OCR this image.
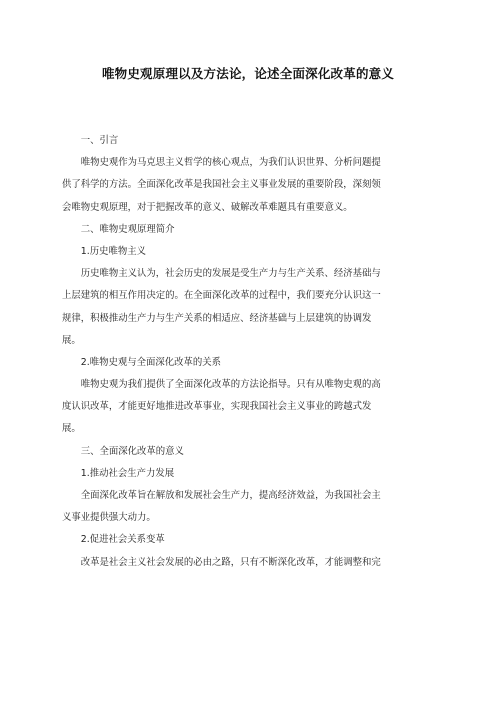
唯物史观原理以及方法论，论述全面深化改革的意义
一、引言
唯物史观作为马克思主义哲学的核心观点，为我们认识世界、分析问题提
供了科学的方法。全面深化改革是我国社会主义事业发展的重要阶段，深刻领
会唯物史观原理，对于把握改革的意义、破解改革难题具有重要意义。
二、唯物史观原理简介
1.历史唯物主义
历史唯物主义认为，社会历史的发展是受生产力与生产关系、经济基础与
上层建筑的相互作用决定的。在全面深化改革的过程中，我们要充分认识这一
规律，积极推动生产力与生产关系的相适应、经济基础与上层建筑的协调发
展。
2.唯物史观与全面深化改革的关系
唯物史观为我们提供了全面深化改革的方法论指导。只有从唯物史观的高
度认识改革，才能更好地推进改革事业，实现我国社会主义事业的跨越式发
展。
三、全面深化改革的意义
1.推动社会生产力发展
全面深化改革旨在解放和发展社会生产力，提高经济效益，为我国社会主
义事业提供强大动力。
2.促进社会关系变革
改革是社会主义社会发展的必由之路，只有不断深化改革，才能调整和完
